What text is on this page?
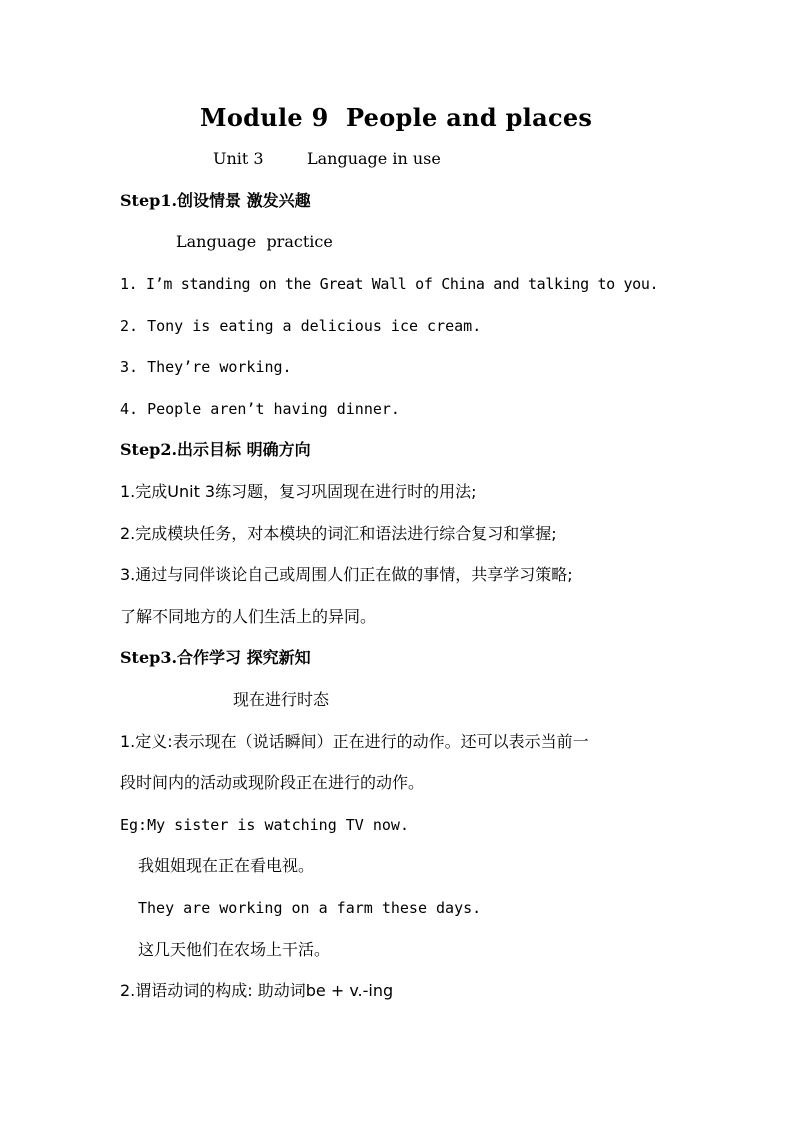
Module 9  People and places
Unit 3	Language in use
Step1.创设情景 激发兴趣
Language  practice
1. I’m standing on the Great Wall of China and talking to you.
2. Tony is eating a delicious ice cream.
3. They’re working.
4. People aren’t having dinner.
Step2.出示目标 明确方向
1.完成Unit 3练习题，复习巩固现在进行时的用法;
2.完成模块任务，对本模块的词汇和语法进行综合复习和掌握;
3.通过与同伴谈论自己或周围人们正在做的事情，共享学习策略;
了解不同地方的人们生活上的异同。
Step3.合作学习 探究新知
现在进行时态
1.定义:表示现在（说话瞬间）正在进行的动作。还可以表示当前一
段时间内的活动或现阶段正在进行的动作。
Eg:My sister is watching TV now.
我姐姐现在正在看电视。
They are working on a farm these days.
这几天他们在农场上干活。
2.谓语动词的构成: 助动词be + v.-ing
